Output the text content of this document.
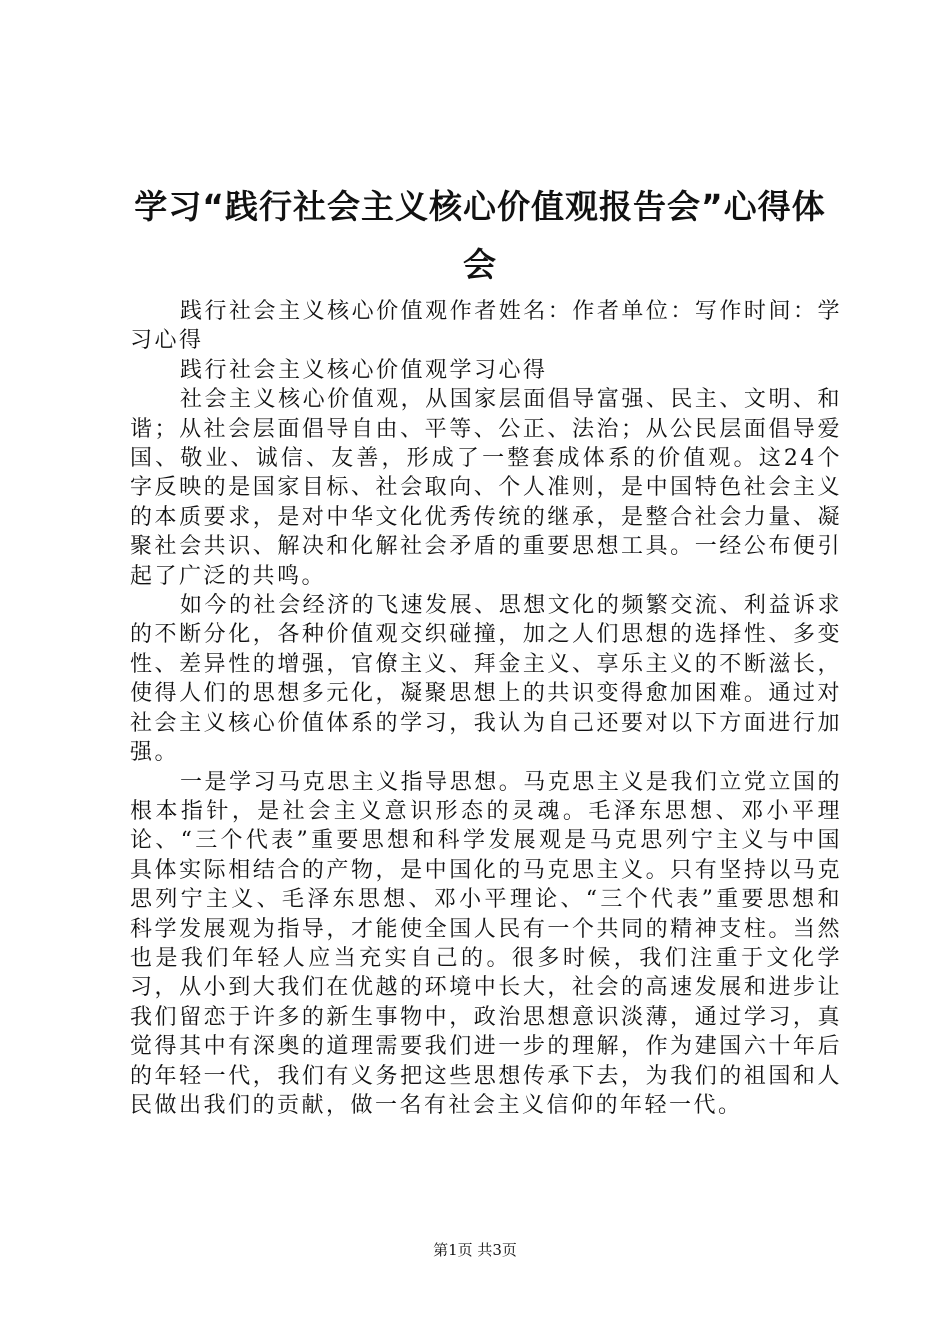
学习“践行社会主义核心价值观报告会”心得体会

践行社会主义核心价值观作者姓名：作者单位：写作时间：学习心得

践行社会主义核心价值观学习心得

社会主义核心价值观，从国家层面倡导富强、民主、文明、和谐；从社会层面倡导自由、平等、公正、法治；从公民层面倡导爱国、敬业、诚信、友善，形成了一整套成体系的价值观。这24个字反映的是国家目标、社会取向、个人准则，是中国特色社会主义的本质要求，是对中华文化优秀传统的继承，是整合社会力量、凝聚社会共识、解决和化解社会矛盾的重要思想工具。一经公布便引起了广泛的共鸣。

如今的社会经济的飞速发展、思想文化的频繁交流、利益诉求的不断分化，各种价值观交织碰撞，加之人们思想的选择性、多变性、差异性的增强，官僚主义、拜金主义、享乐主义的不断滋长，使得人们的思想多元化，凝聚思想上的共识变得愈加困难。通过对社会主义核心价值体系的学习，我认为自己还要对以下方面进行加强。

一是学习马克思主义指导思想。马克思主义是我们立党立国的根本指针，是社会主义意识形态的灵魂。毛泽东思想、邓小平理论、“三个代表”重要思想和科学发展观是马克思列宁主义与中国具体实际相结合的产物，是中国化的马克思主义。只有坚持以马克思列宁主义、毛泽东思想、邓小平理论、“三个代表”重要思想和科学发展观为指导，才能使全国人民有一个共同的精神支柱。当然也是我们年轻人应当充实自己的。很多时候，我们注重于文化学习，从小到大我们在优越的环境中长大，社会的高速发展和进步让我们留恋于许多的新生事物中，政治思想意识淡薄，通过学习，真觉得其中有深奥的道理需要我们进一步的理解，作为建国六十年后的年轻一代，我们有义务把这些思想传承下去，为我们的祖国和人民做出我们的贡献，做一名有社会主义信仰的年轻一代。

第1页 共3页
